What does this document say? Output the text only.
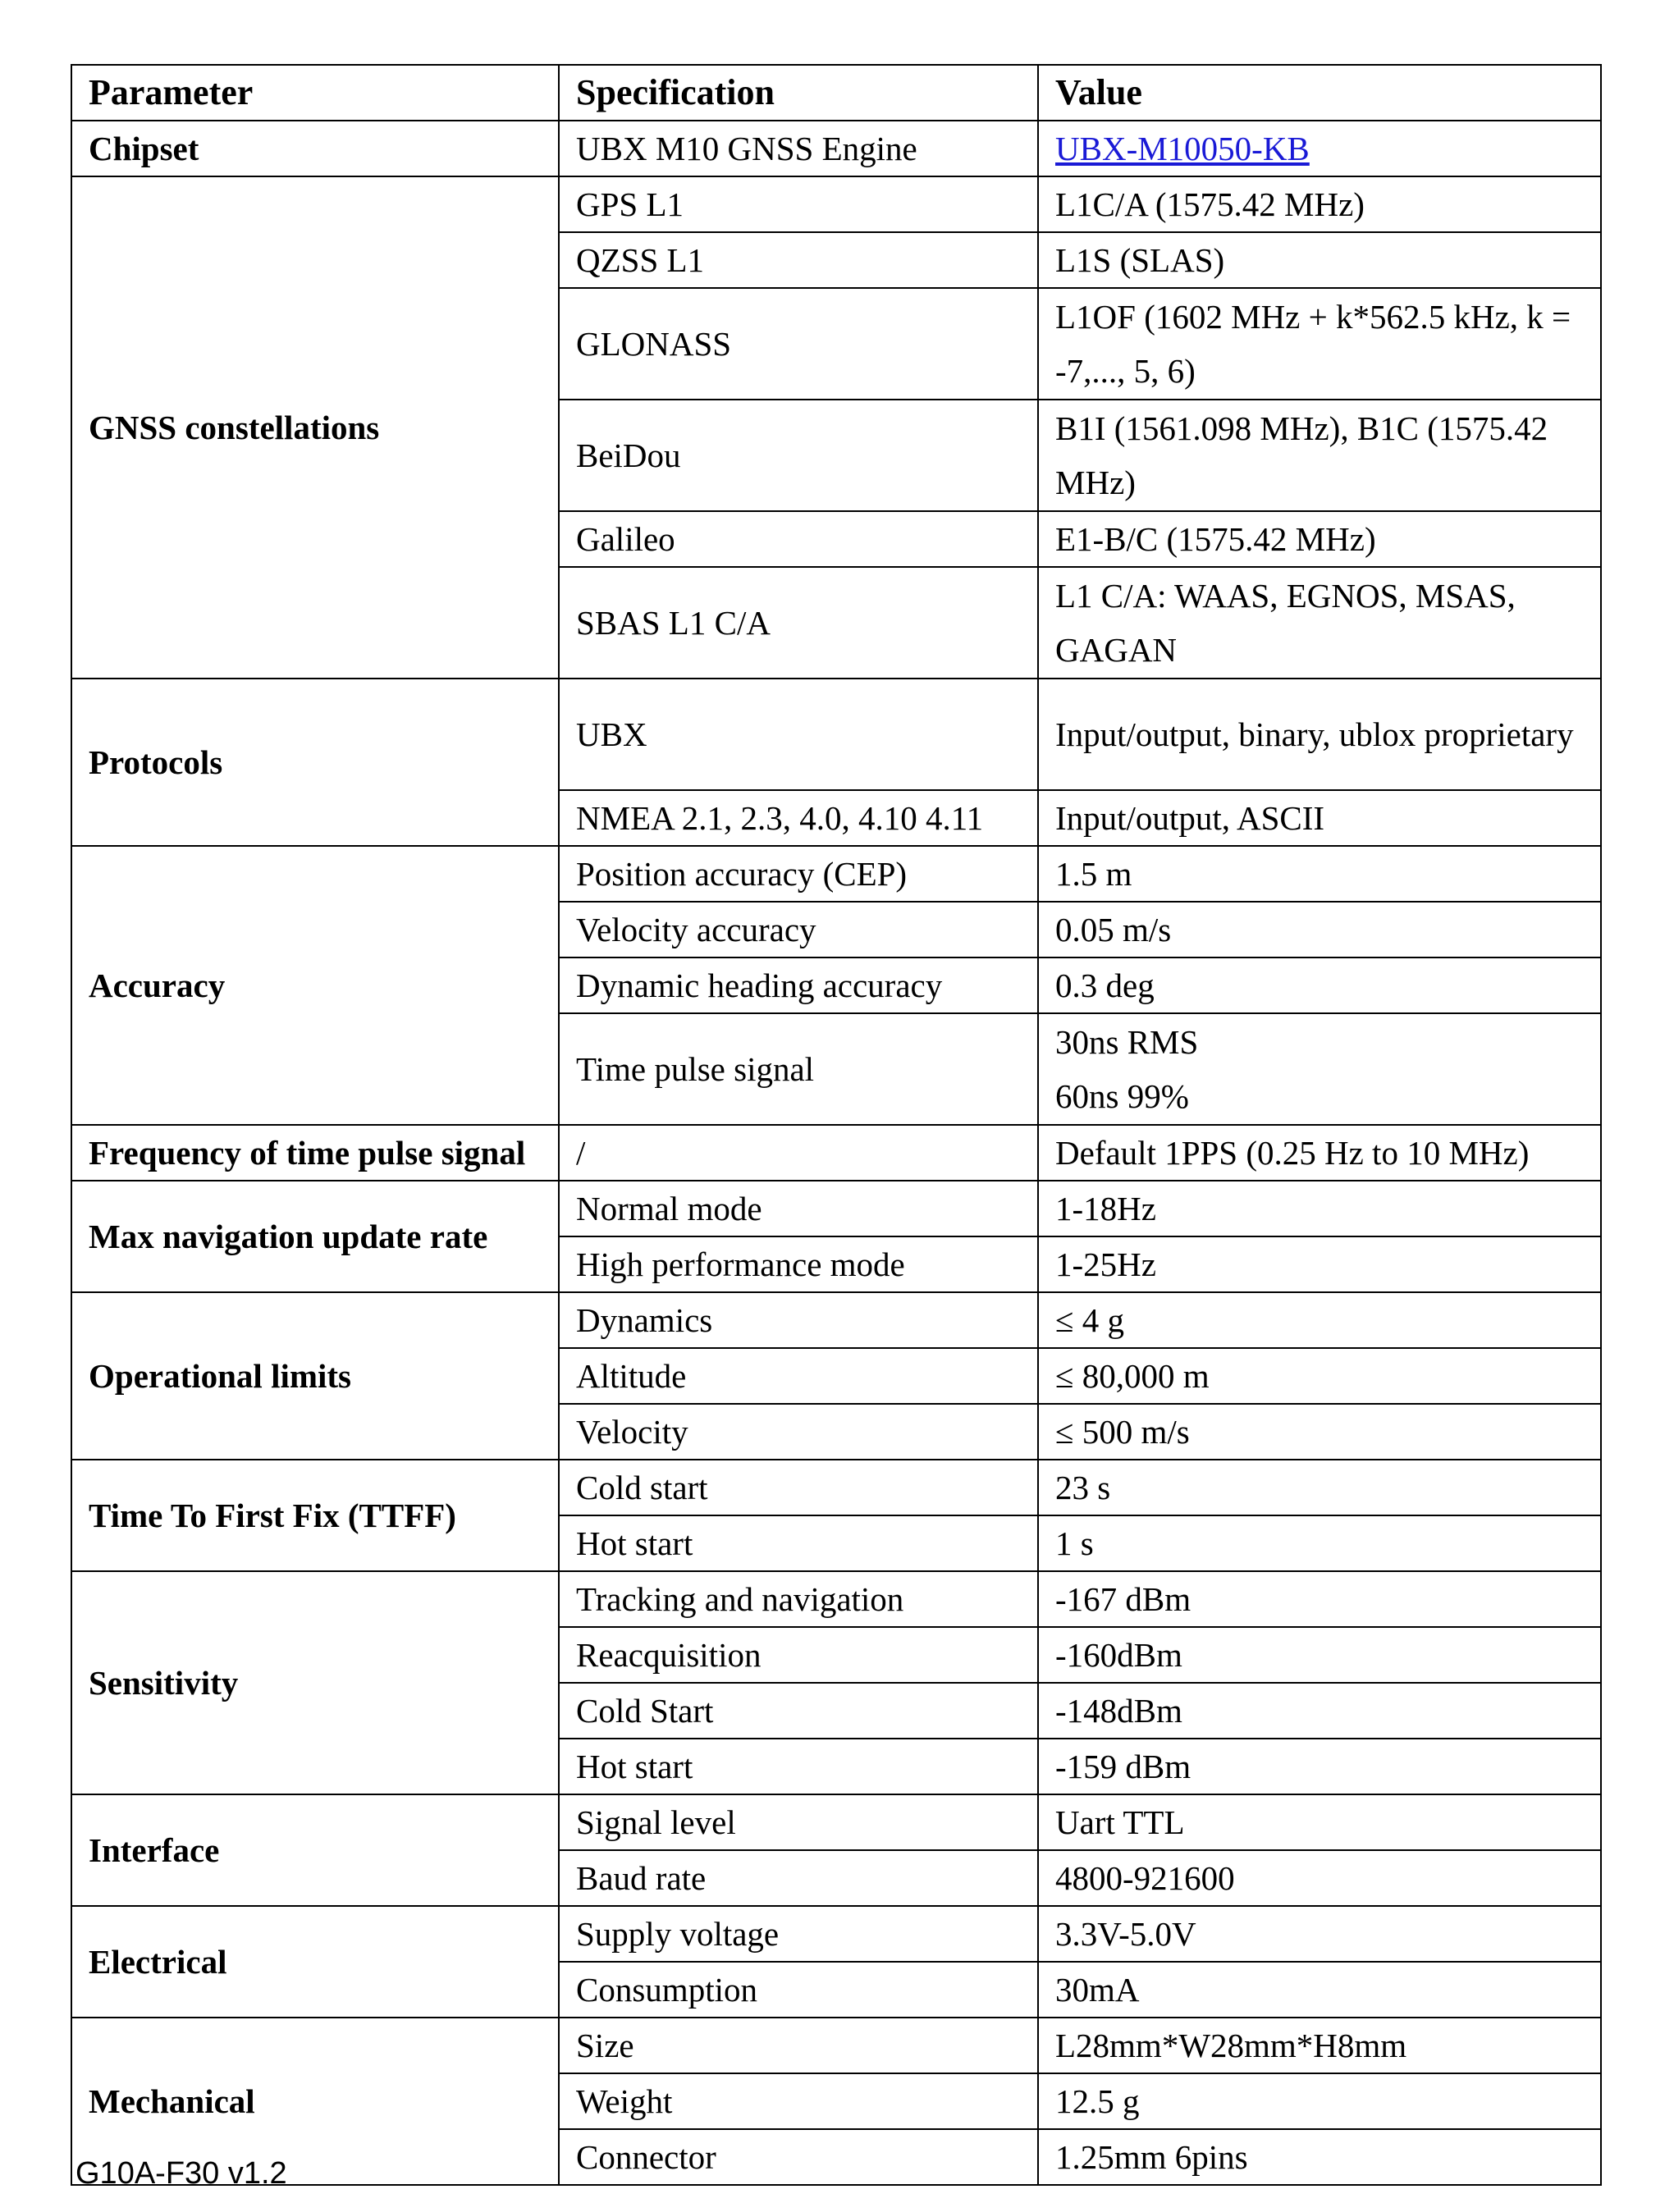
Parameter	Specification	Value
Chipset	UBX M10 GNSS Engine	UBX-M10050-KB
GNSS constellations	GPS L1	L1C/A (1575.42 MHz)
	QZSS L1	L1S (SLAS)
	GLONASS	L1OF (1602 MHz + k*562.5 kHz, k = -7,..., 5, 6)
	BeiDou	B1I (1561.098 MHz), B1C (1575.42 MHz)
	Galileo	E1-B/C (1575.42 MHz)
	SBAS L1 C/A	L1 C/A: WAAS, EGNOS, MSAS, GAGAN
Protocols	UBX	Input/output, binary, ublox proprietary
	NMEA 2.1, 2.3, 4.0, 4.10 4.11	Input/output, ASCII
Accuracy	Position accuracy (CEP)	1.5 m
	Velocity accuracy	0.05 m/s
	Dynamic heading accuracy	0.3 deg
	Time pulse signal	30ns RMS
60ns 99%

Frequency of time pulse signal	/	Default 1PPS (0.25 Hz to 10 MHz)
Max navigation update rate	Normal mode	1-18Hz
	High performance mode	1-25Hz
Operational limits	Dynamics	≤ 4 g
	Altitude	≤ 80,000 m
	Velocity	≤ 500 m/s
Time To First Fix (TTFF)	Cold start	23 s
	Hot start	1 s
Sensitivity	Tracking and navigation	-167 dBm
	Reacquisition	-160dBm
	Cold Start	-148dBm
	Hot start	-159 dBm
Interface	Signal level	Uart TTL
	Baud rate	4800-921600
Electrical	Supply voltage	3.3V-5.0V
	Consumption	30mA
Mechanical	Size	L28mm*W28mm*H8mm
	Weight	12.5 g
	Connector	1.25mm 6pins
G10A-F30 v1.2
